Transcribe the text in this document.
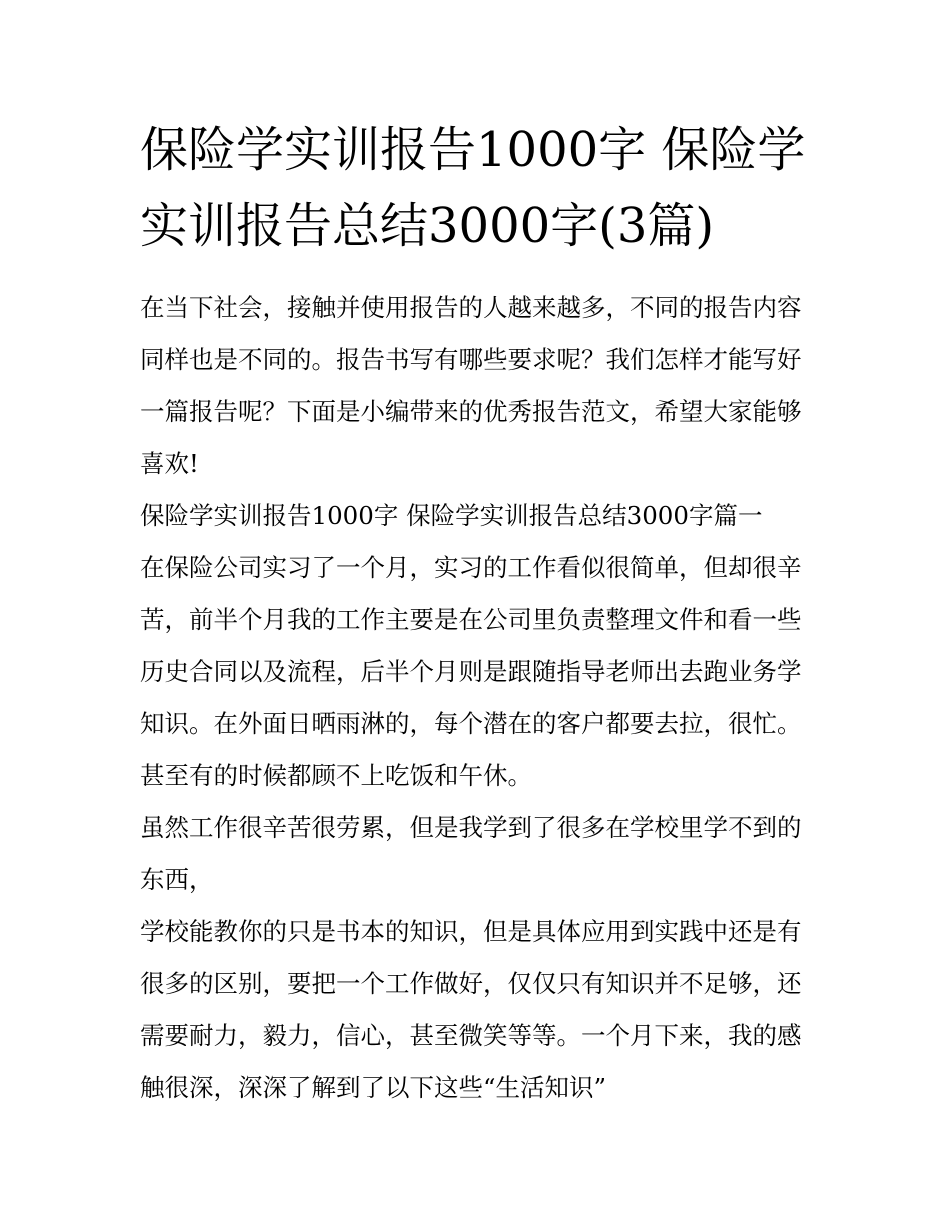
保险学实训报告1000字 保险学实训报告总结3000字(3篇)

在当下社会，接触并使用报告的人越来越多，不同的报告内容同样也是不同的。报告书写有哪些要求呢？我们怎样才能写好一篇报告呢？下面是小编带来的优秀报告范文，希望大家能够喜欢!

保险学实训报告1000字 保险学实训报告总结3000字篇一

在保险公司实习了一个月，实习的工作看似很简单，但却很辛苦，前半个月我的工作主要是在公司里负责整理文件和看一些历史合同以及流程，后半个月则是跟随指导老师出去跑业务学知识。在外面日晒雨淋的，每个潜在的客户都要去拉，很忙。甚至有的时候都顾不上吃饭和午休。

虽然工作很辛苦很劳累，但是我学到了很多在学校里学不到的东西，

学校能教你的只是书本的知识，但是具体应用到实践中还是有很多的区别，要把一个工作做好，仅仅只有知识并不足够，还需要耐力，毅力，信心，甚至微笑等等。一个月下来，我的感触很深，深深了解到了以下这些“生活知识”
